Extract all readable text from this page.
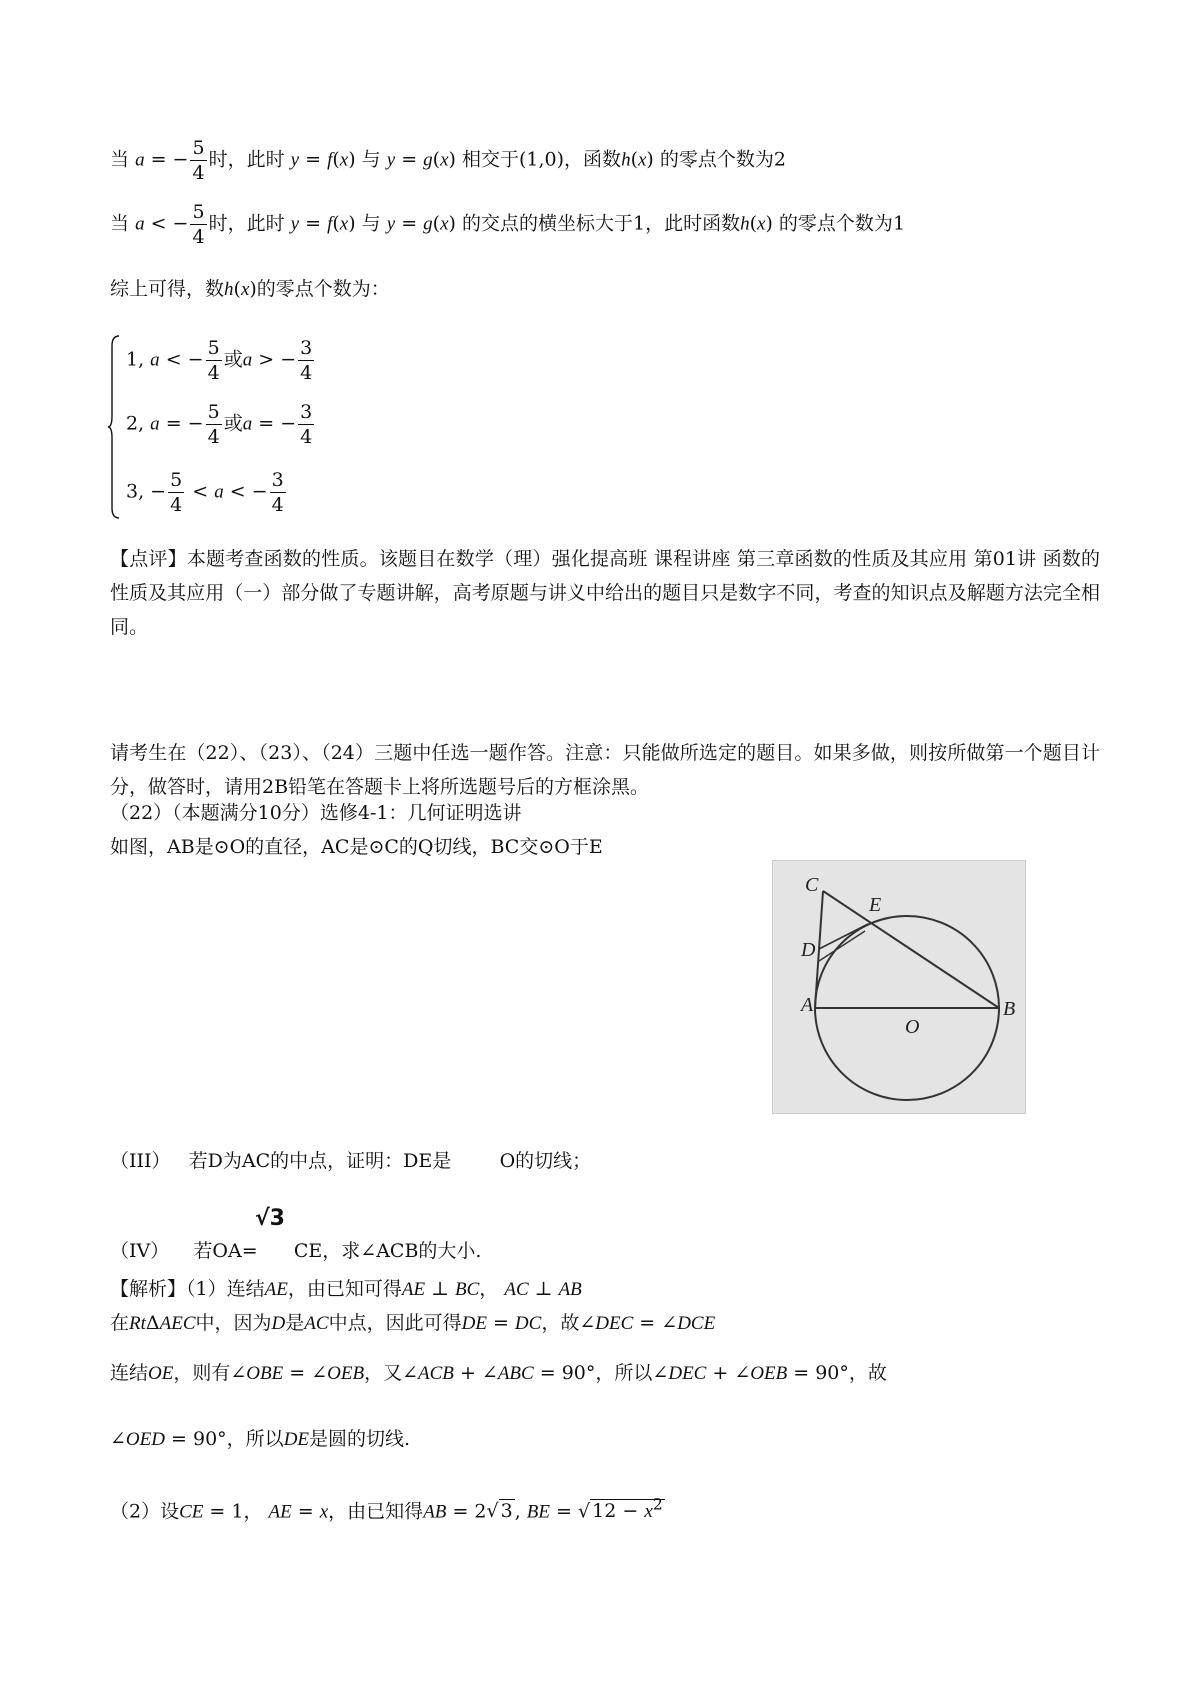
当 a = − $\frac{5}{4}$ 时，此时 y = f(x) 与 y = g(x) 相交于(1,0)，函数h(x) 的零点个数为2
当 a < − $\frac{5}{4}$ 时，此时 y = f(x) 与 y = g(x) 的交点的横坐标大于1，此时函数h(x) 的零点个数为1
综上可得，数h(x)的零点个数为：
1, a < − $\frac{5}{4}$ 或a > − $\frac{3}{4}$
2, a = − $\frac{5}{4}$ 或a = − $\frac{3}{4}$
3, − $\frac{5}{4} < a$ < − $\frac{3}{4}$
【点评】本题考查函数的性质。该题目在数学（理）强化提高班 课程讲座 第三章函数的性质及其应用 第01讲 函数的性质及其应用（一）部分做了专题讲解，高考原题与讲义中给出的题目只是数字不同，考查的知识点及解题方法完全相同。
请考生在（22）、（23）、（24）三题中任选一题作答。注意：只能做所选定的题目。如果多做，则按所做第一个题目计分，做答时，请用2B铅笔在答题卡上将所选题号后的方框涂黑。
（22）（本题满分10分）选修4-1：几何证明选讲
如图，AB是⊙O的直径，AC是⊙C的Q切线，BC交⊙O于E
C
E
D
A
O
B
（III） 若D为AC的中点，证明：DE是	O的切线；
√3
（IV） 若OA= CE，求∠ACB的大小.
【解析】（1）连结AE，由已知可得AE ⊥ BC， AC ⊥ AB
在RtΔAEC中，因为D是AC中点，因此可得DE = DC，故∠DEC = ∠DCE
连结OE，则有∠OBE = ∠OEB，又∠ACB + ∠ABC = 90°，所以∠DEC + ∠OEB = 90°，故
∠OED = 90°，所以DE是圆的切线.
（2）设CE = 1， AE = x，由已知得AB = 2√ 3 , BE = √ $12 - x^2$
